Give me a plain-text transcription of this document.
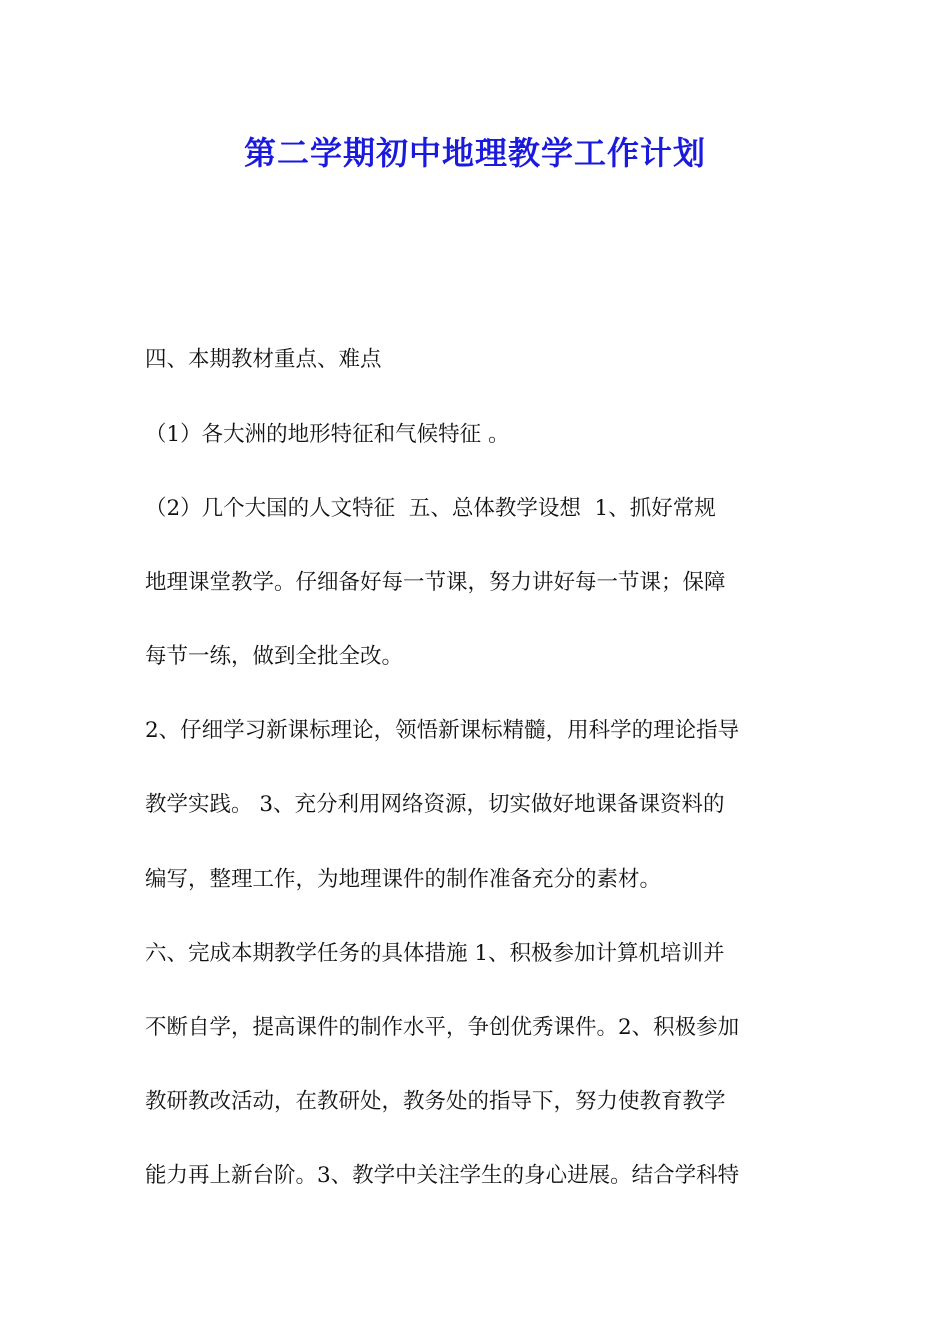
第二学期初中地理教学工作计划
四、本期教材重点、难点
（1）各大洲的地形特征和气候特征 。
（2）几个大国的人文特征  五、总体教学设想  1、抓好常规
地理课堂教学。仔细备好每一节课，努力讲好每一节课；保障
每节一练，做到全批全改。
2、仔细学习新课标理论，领悟新课标精髓，用科学的理论指导
教学实践。 3、充分利用网络资源，切实做好地课备课资料的
编写，整理工作，为地理课件的制作准备充分的素材。
六、完成本期教学任务的具体措施 1、积极参加计算机培训并
不断自学，提高课件的制作水平，争创优秀课件。2、积极参加
教研教改活动，在教研处，教务处的指导下，努力使教育教学
能力再上新台阶。3、教学中关注学生的身心进展。结合学科特
